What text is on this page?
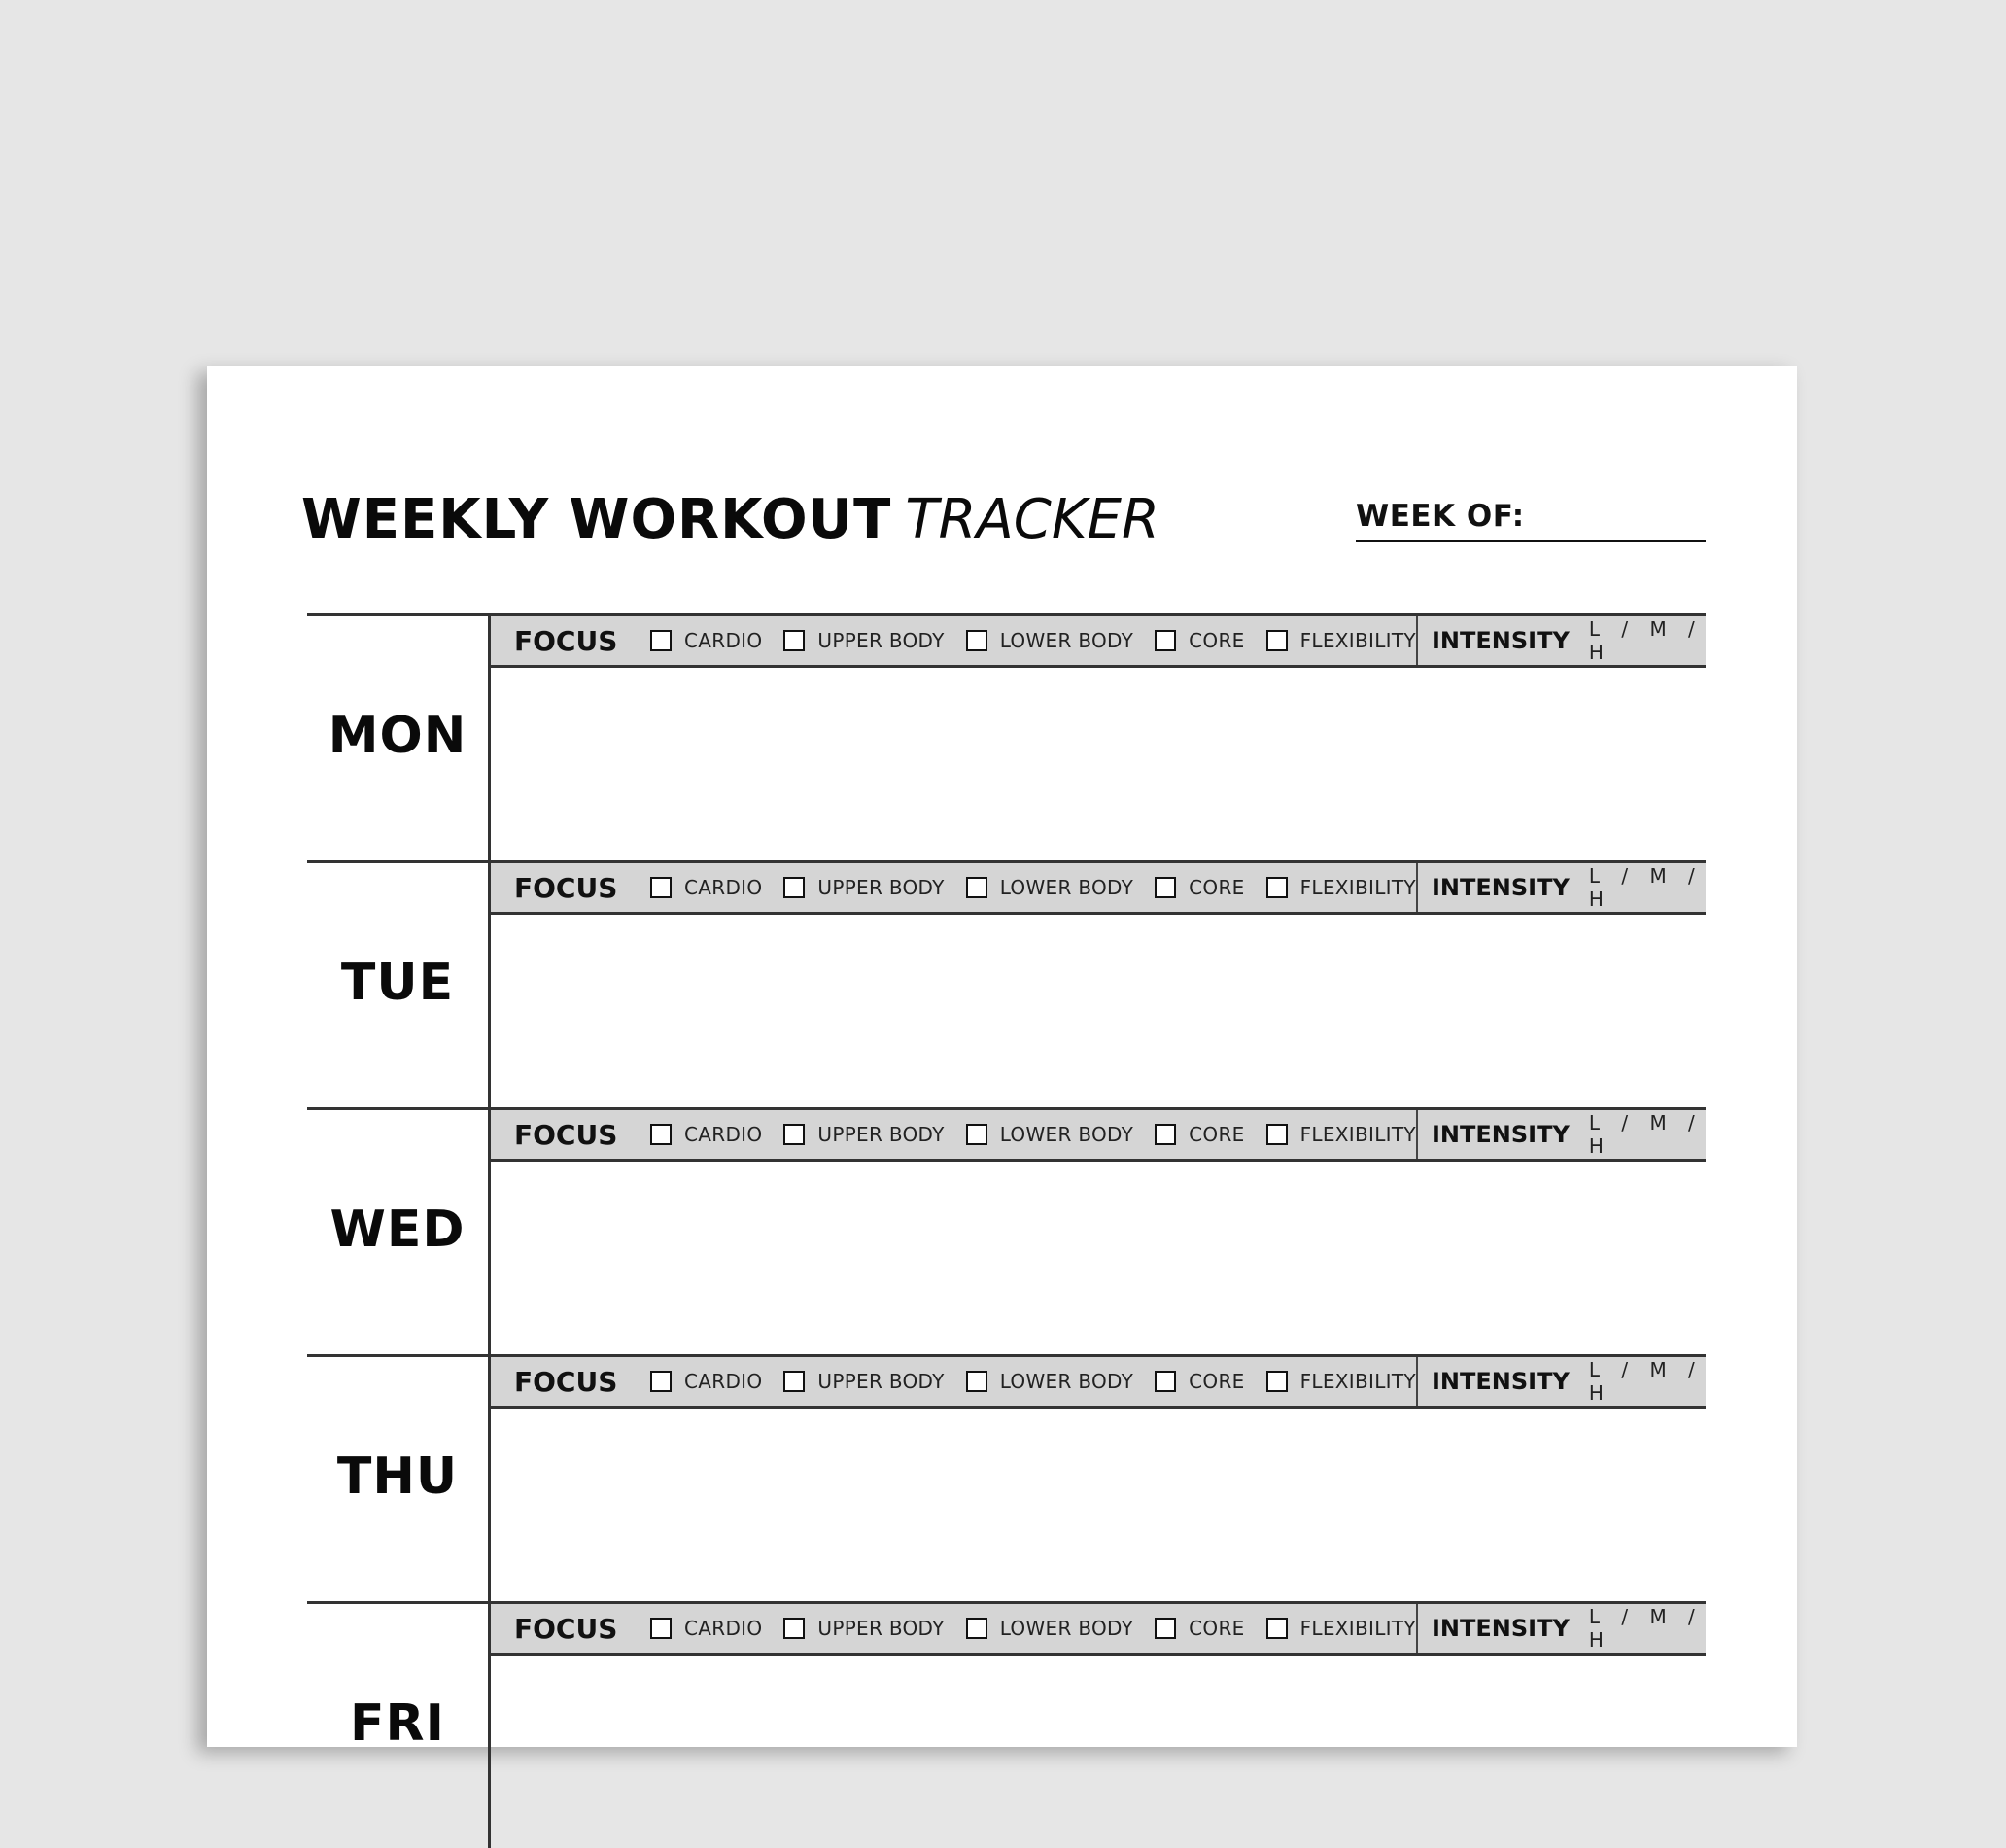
WEEKLY WORKOUT TRACKER	WEEK OF:
MON
FOCUS	CARDIO	UPPER BODY	LOWER BODY	CORE	FLEXIBILITY INTENSITY L / M / H
TUE
FOCUS	CARDIO	UPPER BODY	LOWER BODY	CORE	FLEXIBILITY INTENSITY L / M / H
WED
FOCUS	CARDIO	UPPER BODY	LOWER BODY	CORE	FLEXIBILITY INTENSITY L / M / H
THU
FOCUS	CARDIO	UPPER BODY	LOWER BODY	CORE	FLEXIBILITY INTENSITY L / M / H
FRI
FOCUS	CARDIO	UPPER BODY	LOWER BODY	CORE	FLEXIBILITY INTENSITY L / M / H
